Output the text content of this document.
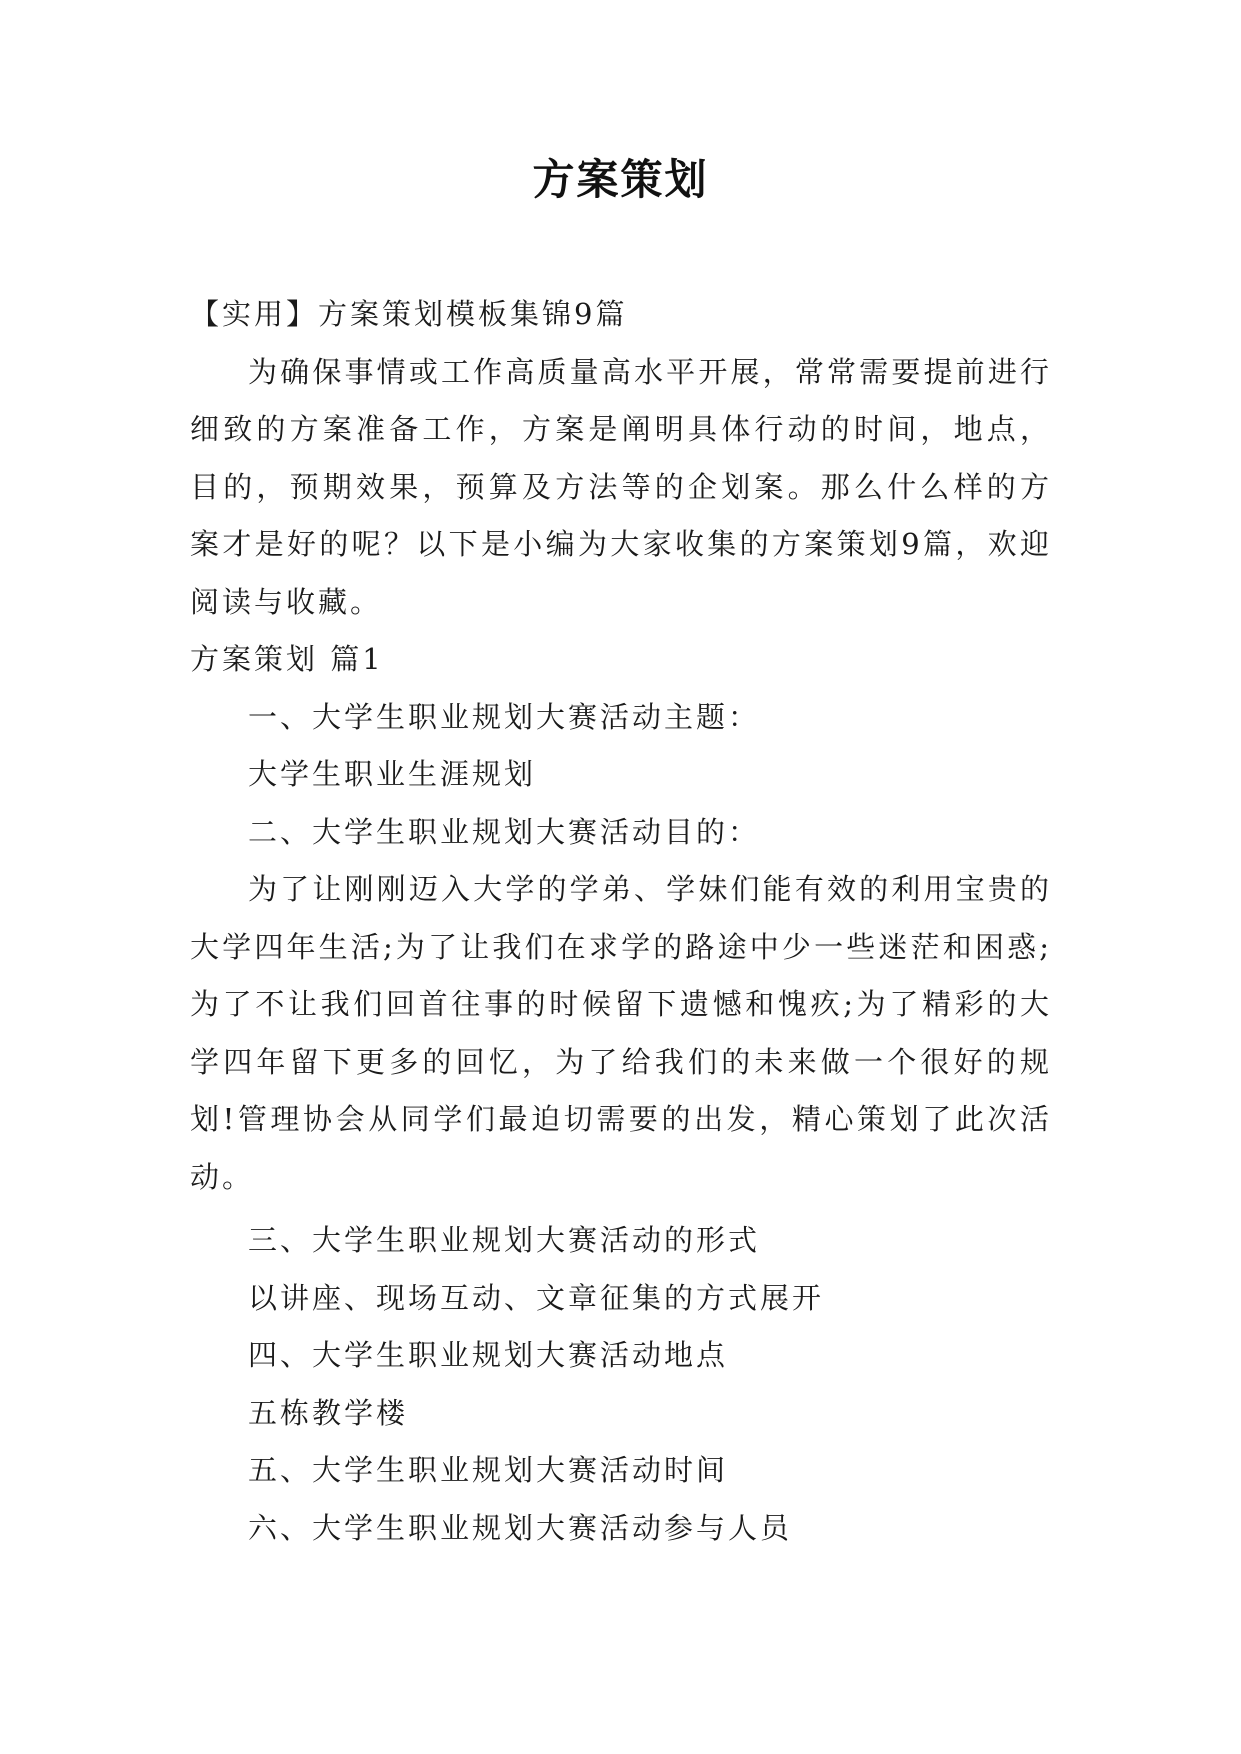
方案策划

【实用】方案策划模板集锦9篇

为确保事情或工作高质量高水平开展，常常需要提前进行细致的方案准备工作，方案是阐明具体行动的时间，地点，目的，预期效果，预算及方法等的企划案。那么什么样的方案才是好的呢？以下是小编为大家收集的方案策划9篇，欢迎阅读与收藏。

方案策划 篇1

一、大学生职业规划大赛活动主题：

大学生职业生涯规划

二、大学生职业规划大赛活动目的：

为了让刚刚迈入大学的学弟、学妹们能有效的利用宝贵的大学四年生活;为了让我们在求学的路途中少一些迷茫和困惑;为了不让我们回首往事的时候留下遗憾和愧疚;为了精彩的大学四年留下更多的回忆，为了给我们的未来做一个很好的规划!管理协会从同学们最迫切需要的出发，精心策划了此次活动。

三、大学生职业规划大赛活动的形式

以讲座、现场互动、文章征集的方式展开

四、大学生职业规划大赛活动地点

五栋教学楼

五、大学生职业规划大赛活动时间

六、大学生职业规划大赛活动参与人员
